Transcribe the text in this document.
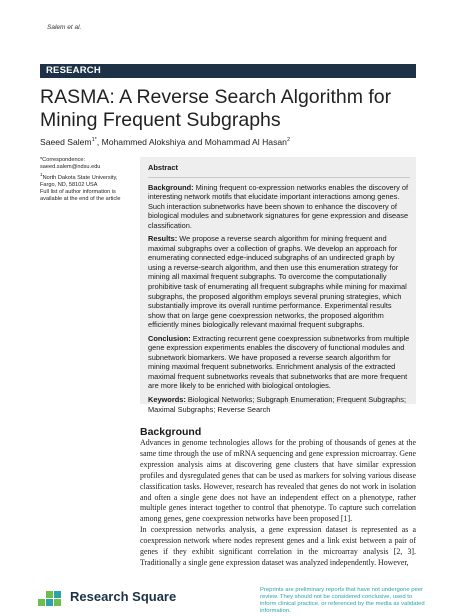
Salem et al.
RESEARCH
RASMA: A Reverse Search Algorithm for Mining Frequent Subgraphs
Saeed Salem$^{1*}$, Mohammed Alokshiya and Mohammad Al Hasan$^2$
*Correspondence:
saeed.salem@ndsu.edu
$^1$North Dakota State University, Fargo, ND, 58102 USA
Full list of author information is available at the end of the article
Abstract
Background: Mining frequent co-expression networks enables the discovery of interesting network motifs that elucidate important interactions among genes. Such interaction subnetworks have been shown to enhance the discovery of biological modules and subnetwork signatures for gene expression and disease classification.
Results: We propose a reverse search algorithm for mining frequent and maximal subgraphs over a collection of graphs. We develop an approach for enumerating connected edge-induced subgraphs of an undirected graph by using a reverse-search algorithm, and then use this enumeration strategy for mining all maximal frequent subgraphs. To overcome the computationally prohibitive task of enumerating all frequent subgraphs while mining for maximal subgraphs, the proposed algorithm employs several pruning strategies, which substantially improve its overall runtime performance. Experimental results show that on large gene coexpression networks, the proposed algorithm efficiently mines biologically relevant maximal frequent subgraphs.
Conclusion: Extracting recurrent gene coexpression subnetworks from multiple gene expression experiments enables the discovery of functional modules and subnetwork biomarkers. We have proposed a reverse search algorithm for mining maximal frequent subnetworks. Enrichment analysis of the extracted maximal frequent subnetworks reveals that subnetworks that are more frequent are more likely to be enriched with biological ontologies.
Keywords: Biological Networks; Subgraph Enumeration; Frequent Subgraphs; Maximal Subgraphs; Reverse Search
Background

Advances in genome technologies allows for the probing of thousands of genes at the same time through the use of mRNA sequencing and gene expression microarray. Gene expression analysis aims at discovering gene clusters that have similar expression profiles and dysregulated genes that can be used as markers for solving various disease classification tasks. However, research has revealed that genes do not work in isolation and often a single gene does not have an independent effect on a phenotype, rather multiple genes interact together to control that phenotype. To capture such correlation among genes, gene coexpression networks have been proposed [1].

In coexpression networks analysis, a gene expression dataset is represented as a coexpression network where nodes represent genes and a link exist between a pair of genes if they exhibit significant correlation in the microarray analysis [2, 3]. Traditionally a single gene expression dataset was analyzed independently. However,

Research Square	Preprints are preliminary reports that have not undergone peer review. They should not be considered conclusive, used to inform clinical practice, or referenced by the media as validated information.
